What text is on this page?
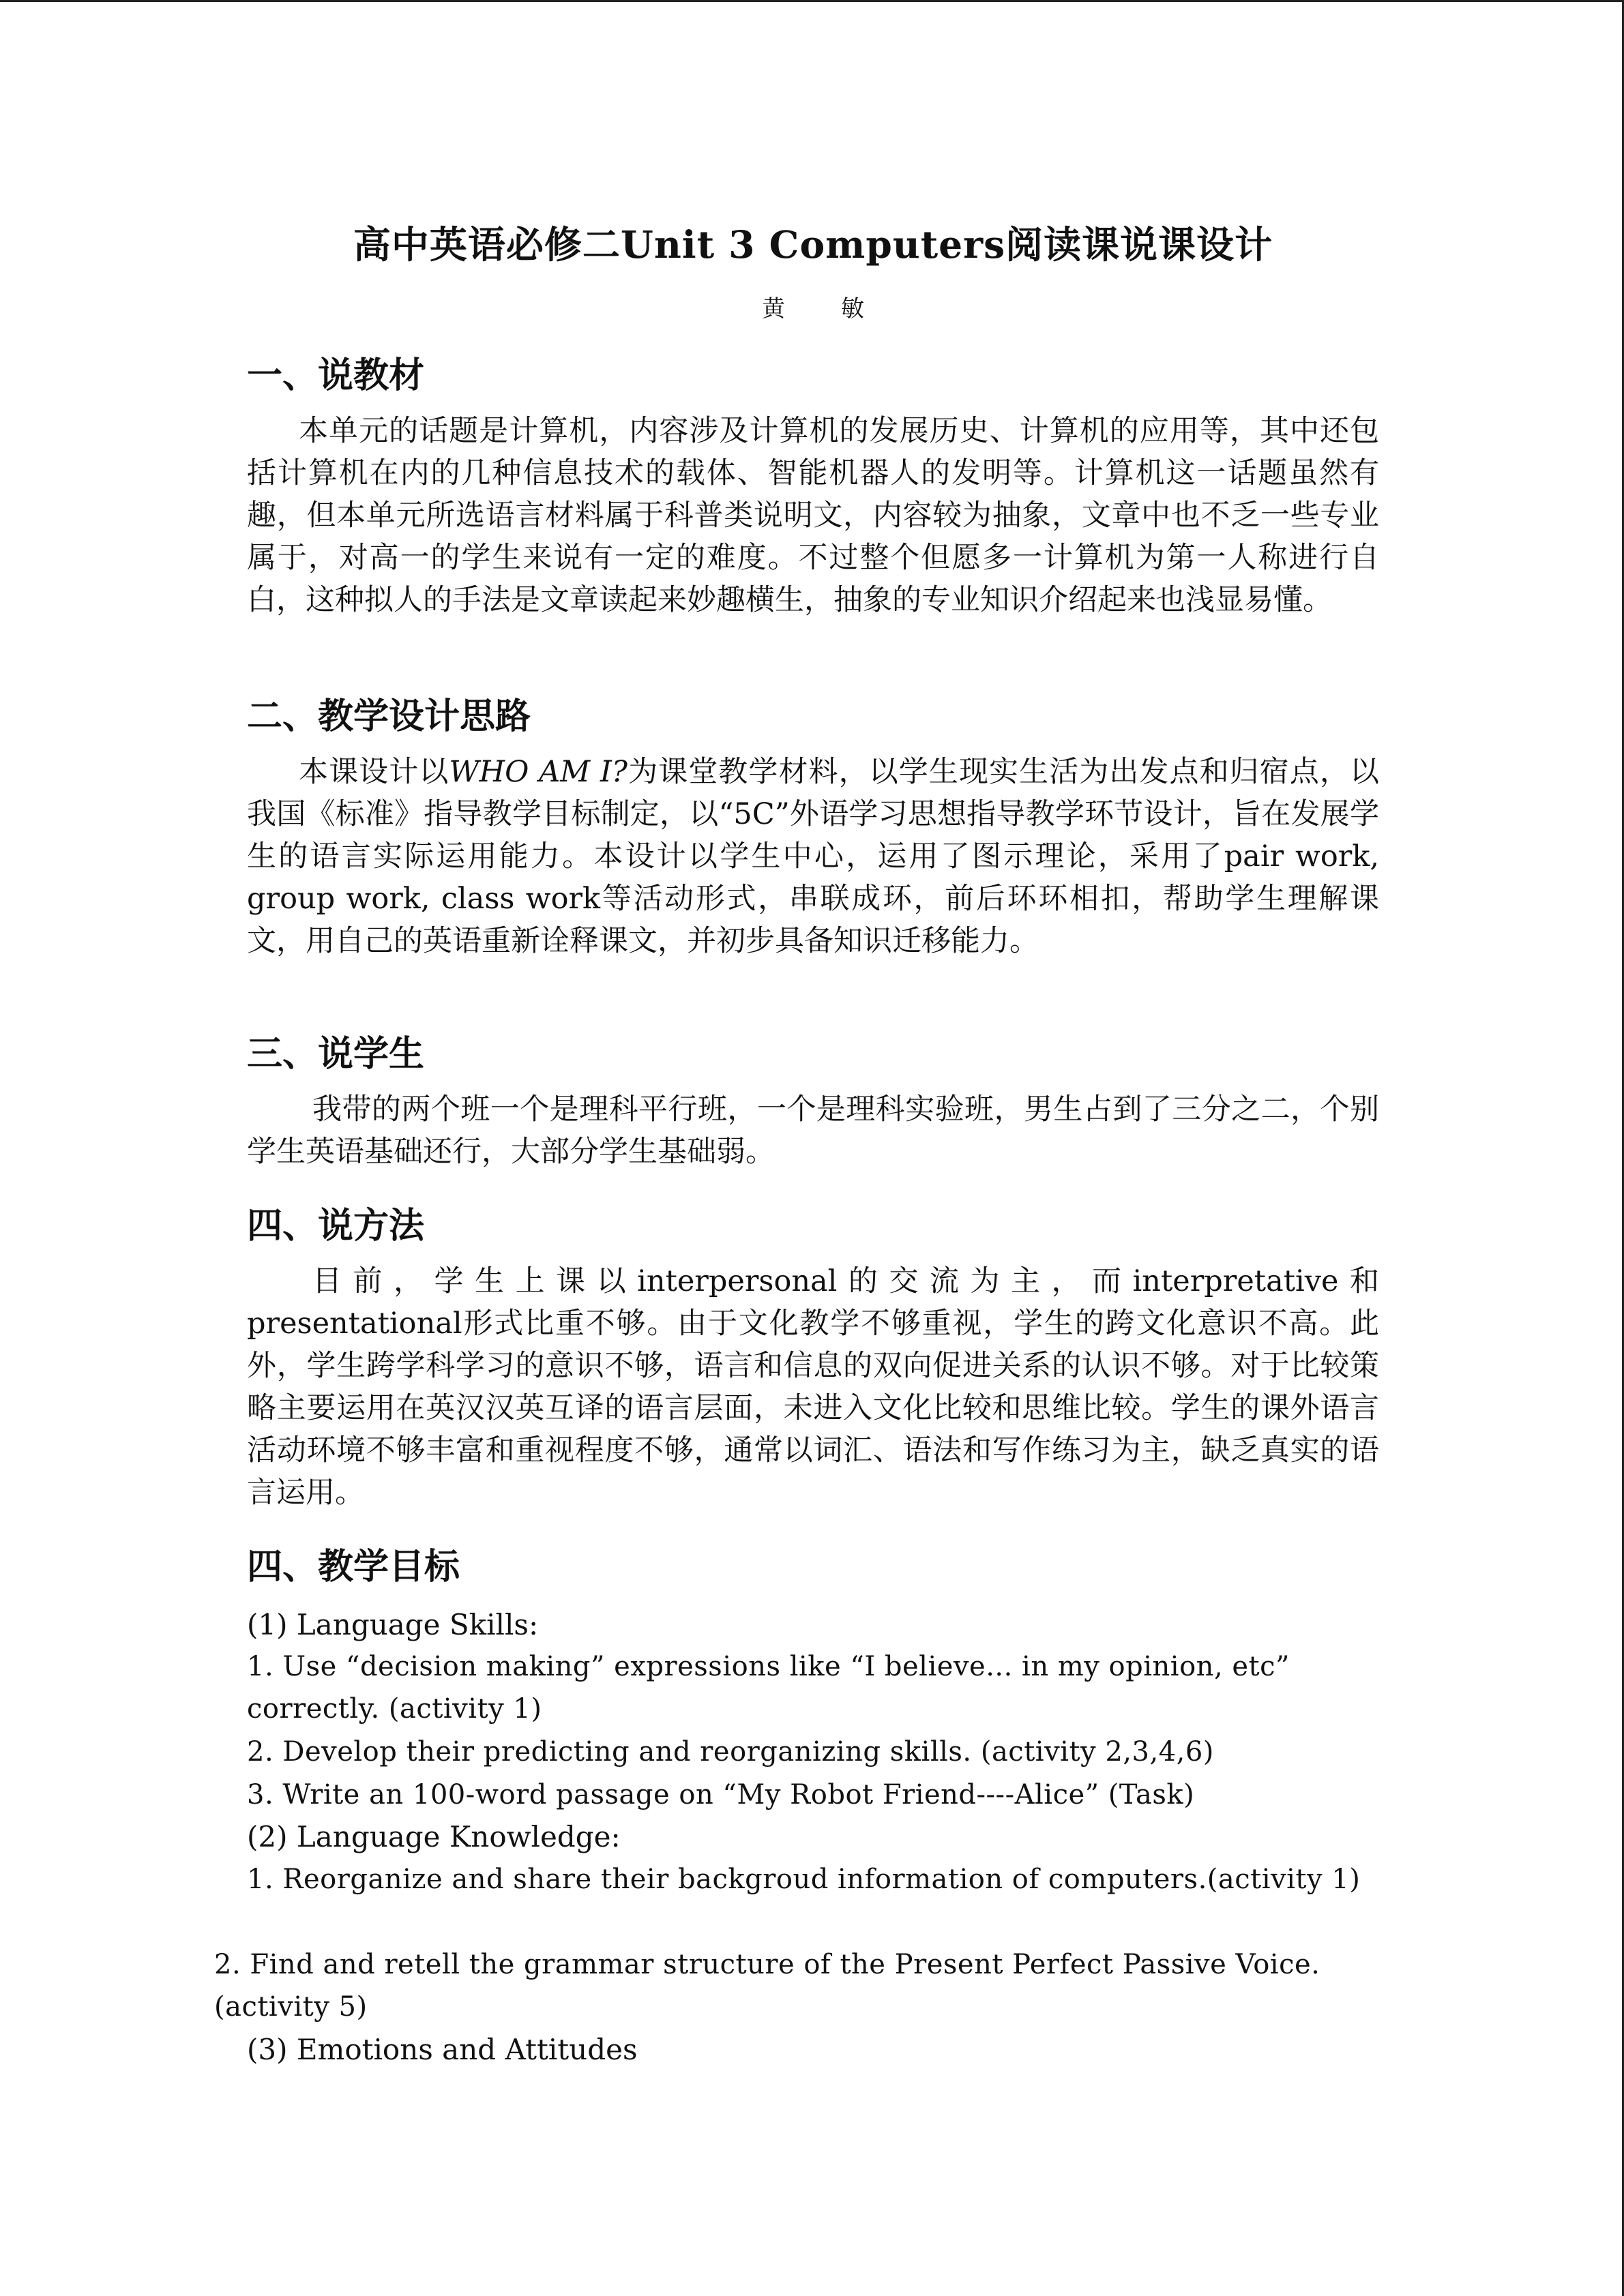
高中英语必修二Unit 3 Computers阅读课说课设计
黄敏
一、说教材
本单元的话题是计算机，内容涉及计算机的发展历史、计算机的应用等，其中还包括计算机在内的几种信息技术的载体、智能机器人的发明等。计算机这一话题虽然有趣，但本单元所选语言材料属于科普类说明文，内容较为抽象，文章中也不乏一些专业属于，对高一的学生来说有一定的难度。不过整个但愿多一计算机为第一人称进行自白，这种拟人的手法是文章读起来妙趣横生，抽象的专业知识介绍起来也浅显易懂。
二、教学设计思路
本课设计以WHO AM I?为课堂教学材料，以学生现实生活为出发点和归宿点，以我国《标准》指导教学目标制定，以“5C”外语学习思想指导教学环节设计，旨在发展学生的语言实际运用能力。本设计以学生中心，运用了图示理论，采用了pair work, group work, class work等活动形式，串联成环，前后环环相扣，帮助学生理解课文，用自己的英语重新诠释课文，并初步具备知识迁移能力。
三、说学生
我带的两个班一个是理科平行班，一个是理科实验班，男生占到了三分之二，个别学生英语基础还行，大部分学生基础弱。
四、说方法
目前，学生上课以interpersonal的交流为主，而interpretative和presentational形式比重不够。由于文化教学不够重视，学生的跨文化意识不高。此外，学生跨学科学习的意识不够，语言和信息的双向促进关系的认识不够。对于比较策略主要运用在英汉汉英互译的语言层面，未进入文化比较和思维比较。学生的课外语言活动环境不够丰富和重视程度不够，通常以词汇、语法和写作练习为主，缺乏真实的语言运用。
四、教学目标
(1) Language Skills:
1. Use “decision making” expressions like “I believe... in my opinion, etc” correctly. (activity 1)
2. Develop their predicting and reorganizing skills. (activity 2,3,4,6)
3. Write an 100-word passage on “My Robot Friend----Alice” (Task)
(2) Language Knowledge:
1. Reorganize and share their backgroud information of computers.(activity 1)
2. Find and retell the grammar structure of the Present Perfect Passive Voice. (activity 5)
(3) Emotions and Attitudes
